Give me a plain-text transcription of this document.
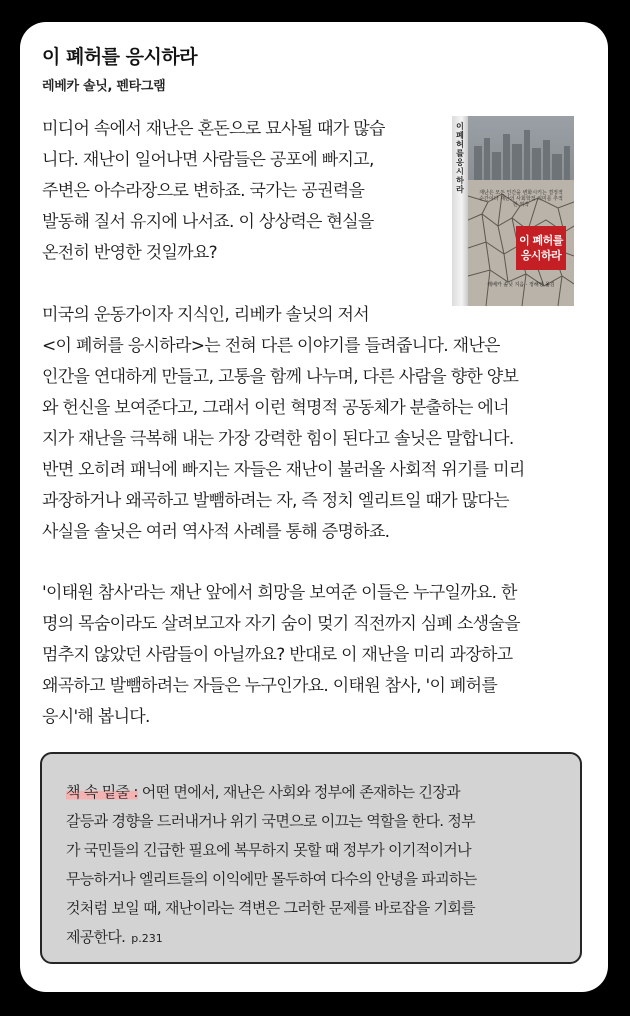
이 폐허를 응시하라

레베카 솔닛, 펜타그램

이 폐허를 응시하라	재난은 모든 인간을 변화시키는 결정적 순간이다 재난의 사회학적 의미를 추적한 역작
이 폐허를
응시하라
레베카 솔닛 지음 · 정해영 옮김

미디어 속에서 재난은 혼돈으로 묘사될 때가 많습
니다. 재난이 일어나면 사람들은 공포에 빠지고,
주변은 아수라장으로 변하죠. 국가는 공권력을
발동해 질서 유지에 나서죠. 이 상상력은 현실을
온전히 반영한 것일까요?

미국의 운동가이자 지식인, 리베카 솔닛의 저서
<이 폐허를 응시하라>는 전혀 다른 이야기를 들려줍니다. 재난은
인간을 연대하게 만들고, 고통을 함께 나누며, 다른 사람을 향한 양보
와 헌신을 보여준다고, 그래서 이런 혁명적 공동체가 분출하는 에너
지가 재난을 극복해 내는 가장 강력한 힘이 된다고 솔닛은 말합니다.
반면 오히려 패닉에 빠지는 자들은 재난이 불러올 사회적 위기를 미리
과장하거나 왜곡하고 발뺌하려는 자, 즉 정치 엘리트일 때가 많다는
사실을 솔닛은 여러 역사적 사례를 통해 증명하죠.

'이태원 참사'라는 재난 앞에서 희망을 보여준 이들은 누구일까요. 한
명의 목숨이라도 살려보고자 자기 숨이 멎기 직전까지 심폐 소생술을
멈추지 않았던 사람들이 아닐까요? 반대로 이 재난을 미리 과장하고
왜곡하고 발뺌하려는 자들은 누구인가요. 이태원 참사, '이 폐허를
응시'해 봅니다.

책 속 밑줄 : 어떤 면에서, 재난은 사회와 정부에 존재하는 긴장과
갈등과 경향을 드러내거나 위기 국면으로 이끄는 역할을 한다. 정부
가 국민들의 긴급한 필요에 복무하지 못할 때 정부가 이기적이거나
무능하거나 엘리트들의 이익에만 몰두하여 다수의 안녕을 파괴하는
것처럼 보일 때, 재난이라는 격변은 그러한 문제를 바로잡을 기회를
제공한다. p.231
